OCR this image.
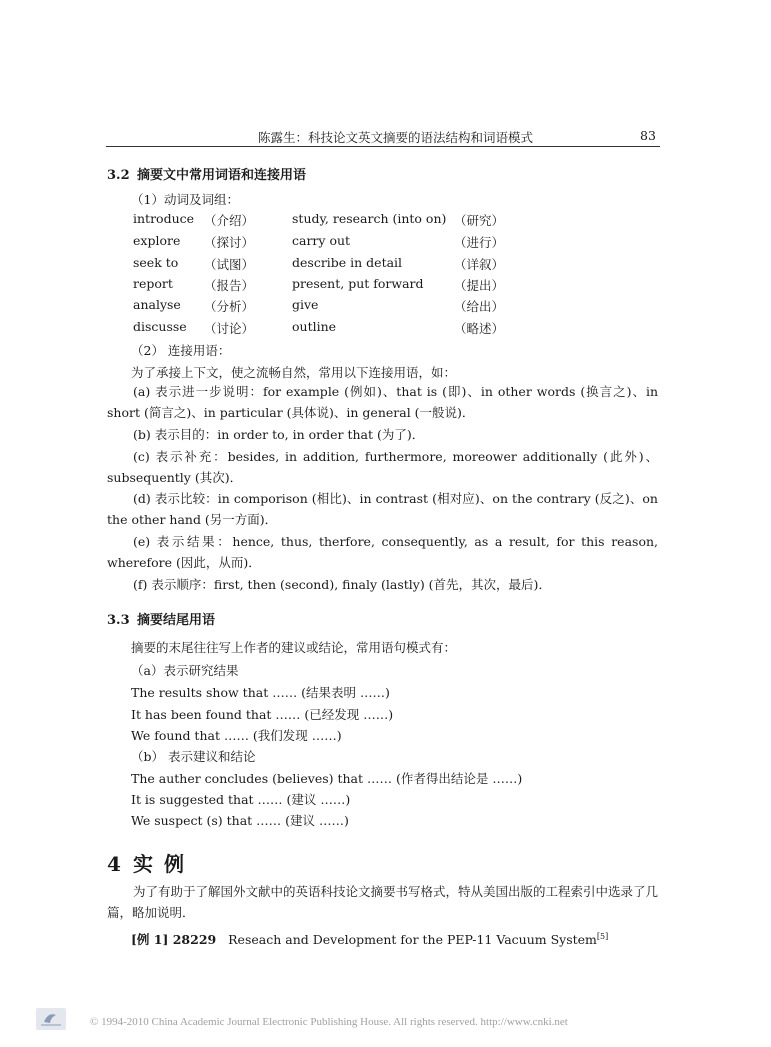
陈露生：科技论文英文摘要的语法结构和词语模式	83
3.2 摘要文中常用词语和连接用语
（1）动词及词组：
introduce （介绍）	study, research (into on) （研究）
explore （探讨）	carry out	（进行）
seek to （试图）	describe in detail	（详叙）
report （报告）	present, put forward （提出）
analyse （分析）	give	（给出）
discusse （讨论）	outline	（略述）
（2） 连接用语：
为了承接上下文，使之流畅自然，常用以下连接用语，如：
(a) 表示进一步说明：for example (例如)、that is (即)、in other words (换言之)、in short (简言之)、in particular (具体说)、in general (一般说)．
(b) 表示目的：in order to, in order that (为了)．
(c) 表示补充：besides, in addition, furthermore, moreower additionally (此外)、subsequently (其次)．
(d) 表示比较：in comporison (相比)、in contrast (相对应)、on the contrary (反之)、on the other hand (另一方面)．
(e) 表示结果：hence, thus, therfore, consequently, as a result, for this reason, wherefore (因此，从而)．
(f) 表示顺序：first, then (second), finaly (lastly) (首先，其次，最后)．
3.3 摘要结尾用语
摘要的末尾往往写上作者的建议或结论，常用语句模式有：
（a）表示研究结果
The results show that …… (结果表明 ……)
It has been found that …… (已经发现 ……)
We found that …… (我们发现 ……)
（b） 表示建议和结论
The auther concludes (believes) that …… (作者得出结论是 ……)
It is suggested that …… (建议 ……)
We suspect (s) that …… (建议 ……)
4 实 例
为了有助于了解国外文献中的英语科技论文摘要书写格式，特从美国出版的工程索引中选录了几篇，略加说明．
[例 1] 28229 Reseach and Development for the PEP-11 Vacuum System[5]
© 1994-2010 China Academic Journal Electronic Publishing House. All rights reserved. http://www.cnki.net
